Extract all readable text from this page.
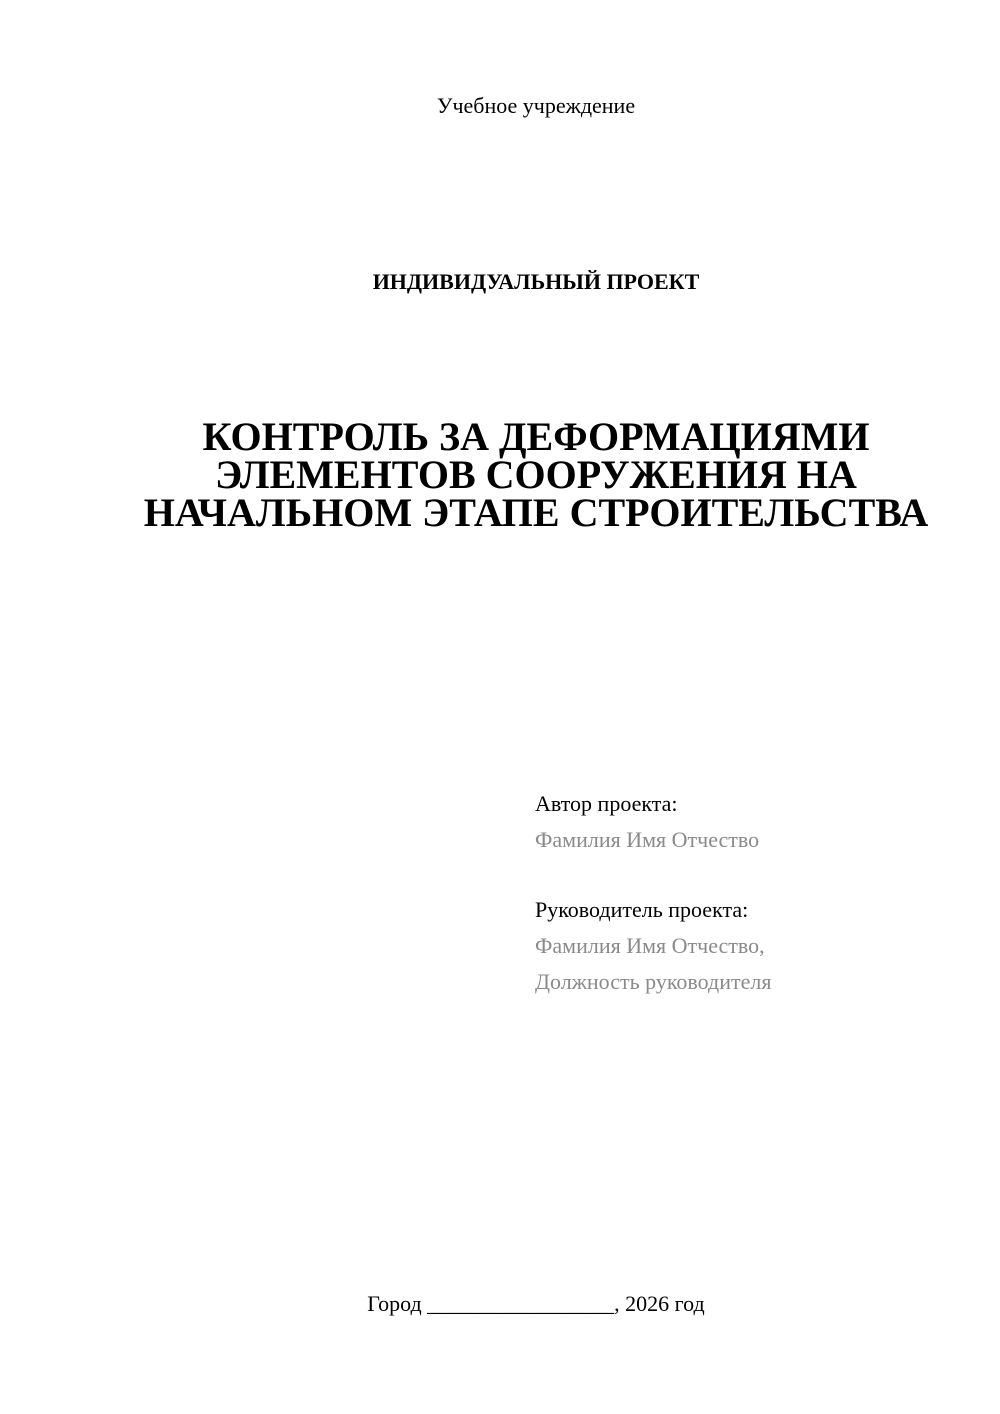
Учебное учреждение
ИНДИВИДУАЛЬНЫЙ ПРОЕКТ
КОНТРОЛЬ ЗА ДЕФОРМАЦИЯМИ
ЭЛЕМЕНТОВ СООРУЖЕНИЯ НА
НАЧАЛЬНОМ ЭТАПЕ СТРОИТЕЛЬСТВА
Автор проекта:
Фамилия Имя Отчество
Руководитель проекта:
Фамилия Имя Отчество,
Должность руководителя
Город _________________, 2026 год
